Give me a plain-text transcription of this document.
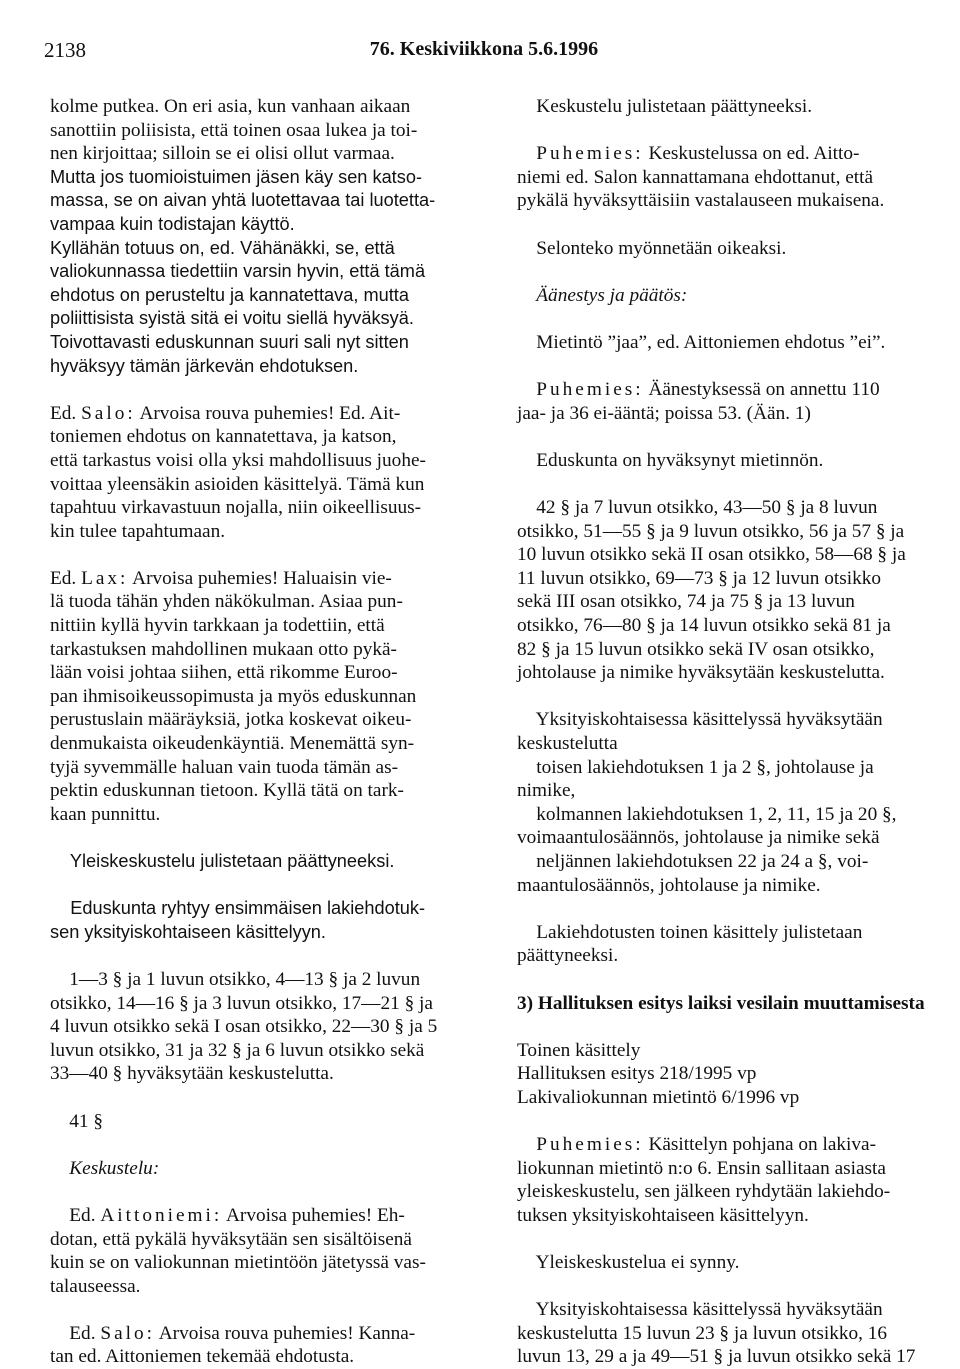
2138	76. Keskiviikkona 5.6.1996

kolme putkea. On eri asia, kun vanhaan aikaan

sanottiin poliisista, että toinen osaa lukea ja toi-

nen kirjoittaa; silloin se ei olisi ollut varmaa.

Mutta jos tuomioistuimen jäsen käy sen katso-

massa, se on aivan yhtä luotettavaa tai luotetta-

vampaa kuin todistajan käyttö.

Kyllähän totuus on, ed. Vähänäkki, se, että

valiokunnassa tiedettiin varsin hyvin, että tämä

ehdotus on perusteltu ja kannatettava, mutta

poliittisista syistä sitä ei voitu siellä hyväksyä.

Toivottavasti eduskunnan suuri sali nyt sitten

hyväksyy tämän järkevän ehdotuksen.

Ed. Salo: Arvoisa rouva puhemies! Ed. Ait-

toniemen ehdotus on kannatettava, ja katson,

että tarkastus voisi olla yksi mahdollisuus juohe-

voittaa yleensäkin asioiden käsittelyä. Tämä kun

tapahtuu virkavastuun nojalla, niin oikeellisuus-

kin tulee tapahtumaan.

Ed. Lax: Arvoisa puhemies! Haluaisin vie-

lä tuoda tähän yhden näkökulman. Asiaa pun-

nittiin kyllä hyvin tarkkaan ja todettiin, että

tarkastuksen mahdollinen mukaan otto pykä-

lään voisi johtaa siihen, että rikomme Euroo-

pan ihmisoikeussopimusta ja myös eduskunnan

perustuslain määräyksiä, jotka koskevat oikeu-

denmukaista oikeudenkäyntiä. Menemättä syn-

tyjä syvemmälle haluan vain tuoda tämän as-

pektin eduskunnan tietoon. Kyllä tätä on tark-

kaan punnittu.

Yleiskeskustelu julistetaan päättyneeksi.

Eduskunta ryhtyy ensimmäisen lakiehdotuk-

sen yksityiskohtaiseen käsittelyyn.

1—3 § ja 1 luvun otsikko, 4—13 § ja 2 luvun

otsikko, 14—16 § ja 3 luvun otsikko, 17—21 § ja

4 luvun otsikko sekä I osan otsikko, 22—30 § ja 5

luvun otsikko, 31 ja 32 § ja 6 luvun otsikko sekä

33—40 § hyväksytään keskustelutta.

41 §

Keskustelu:

Ed. Aittoniemi: Arvoisa puhemies! Eh-

dotan, että pykälä hyväksytään sen sisältöisenä

kuin se on valiokunnan mietintöön jätetyssä vas-

talauseessa.

Ed. Salo: Arvoisa rouva puhemies! Kanna-

tan ed. Aittoniemen tekemää ehdotusta.

Keskustelu julistetaan päättyneeksi.

Puhemies: Keskustelussa on ed. Aitto-

niemi ed. Salon kannattamana ehdottanut, että

pykälä hyväksyttäisiin vastalauseen mukaisena.

Selonteko myönnetään oikeaksi.

Äänestys ja päätös:

Mietintö ”jaa”, ed. Aittoniemen ehdotus ”ei”.

Puhemies: Äänestyksessä on annettu 110

jaa- ja 36 ei-ääntä; poissa 53. (Ään. 1)

Eduskunta on hyväksynyt mietinnön.

42 § ja 7 luvun otsikko, 43—50 § ja 8 luvun

otsikko, 51—55 § ja 9 luvun otsikko, 56 ja 57 § ja

10 luvun otsikko sekä II osan otsikko, 58—68 § ja

11 luvun otsikko, 69—73 § ja 12 luvun otsikko

sekä III osan otsikko, 74 ja 75 § ja 13 luvun

otsikko, 76—80 § ja 14 luvun otsikko sekä 81 ja

82 § ja 15 luvun otsikko sekä IV osan otsikko,

johtolause ja nimike hyväksytään keskustelutta.

Yksityiskohtaisessa käsittelyssä hyväksytään

keskustelutta

toisen lakiehdotuksen 1 ja 2 §, johtolause ja

nimike,

kolmannen lakiehdotuksen 1, 2, 11, 15 ja 20 §,

voimaantulosäännös, johtolause ja nimike sekä

neljännen lakiehdotuksen 22 ja 24 a §, voi-

maantulosäännös, johtolause ja nimike.

Lakiehdotusten toinen käsittely julistetaan

päättyneeksi.

3) Hallituksen esitys laiksi vesilain muuttamisesta

Toinen käsittely

Hallituksen esitys 218/1995 vp

Lakivaliokunnan mietintö 6/1996 vp

Puhemies: Käsittelyn pohjana on lakiva-

liokunnan mietintö n:o 6. Ensin sallitaan asiasta

yleiskeskustelu, sen jälkeen ryhdytään lakiehdo-

tuksen yksityiskohtaiseen käsittelyyn.

Yleiskeskustelua ei synny.

Yksityiskohtaisessa käsittelyssä hyväksytään

keskustelutta 15 luvun 23 § ja luvun otsikko, 16

luvun 13, 29 a ja 49—51 § ja luvun otsikko sekä 17
